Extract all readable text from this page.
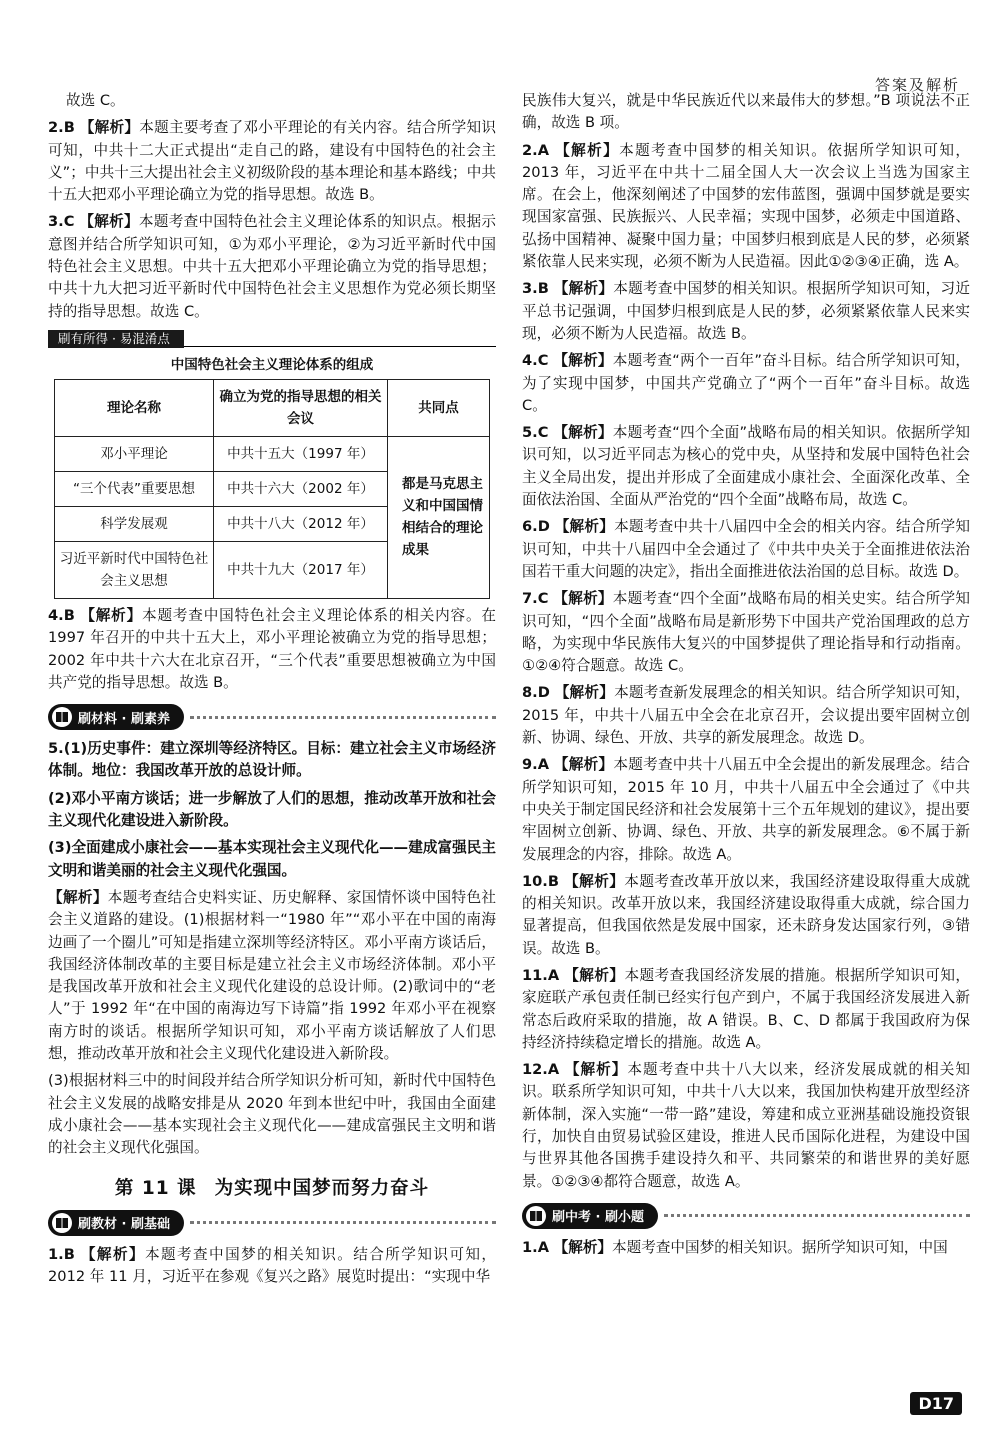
答案及解析

故选 C。

2.B 【解析】本题主要考查了邓小平理论的有关内容。结合所学知识可知，中共十二大正式提出“走自己的路，建设有中国特色的社会主义”；中共十三大提出社会主义初级阶段的基本理论和基本路线；中共十五大把邓小平理论确立为党的指导思想。故选 B。

3.C 【解析】本题考查中国特色社会主义理论体系的知识点。根据示意图并结合所学知识可知，①为邓小平理论，②为习近平新时代中国特色社会主义思想。中共十五大把邓小平理论确立为党的指导思想；中共十九大把习近平新时代中国特色社会主义思想作为党必须长期坚持的指导思想。故选 C。

刷有所得 · 易混淆点
中国特色社会主义理论体系的组成
理论名称	确立为党的指导思想的相关会议	共同点
邓小平理论	中共十五大（1997 年）	都是马克思主义和中国国情相结合的理论成果
“三个代表”重要思想	中共十六大（2002 年）	
科学发展观	中共十八大（2012 年）	
习近平新时代中国特色社会主义思想	中共十九大（2017 年）	

4.B 【解析】本题考查中国特色社会主义理论体系的相关内容。在 1997 年召开的中共十五大上，邓小平理论被确立为党的指导思想；2002 年中共十六大在北京召开，“三个代表”重要思想被确立为中国共产党的指导思想。故选 B。

刷材料 · 刷素养

5.(1)历史事件：建立深圳等经济特区。目标：建立社会主义市场经济体制。地位：我国改革开放的总设计师。

(2)邓小平南方谈话；进一步解放了人们的思想，推动改革开放和社会主义现代化建设进入新阶段。

(3)全面建成小康社会——基本实现社会主义现代化——建成富强民主文明和谐美丽的社会主义现代化强国。

【解析】本题考查结合史料实证、历史解释、家国情怀谈中国特色社会主义道路的建设。(1)根据材料一“1980 年”“邓小平在中国的南海边画了一个圈儿”可知是指建立深圳等经济特区。邓小平南方谈话后，我国经济体制改革的主要目标是建立社会主义市场经济体制。邓小平是我国改革开放和社会主义现代化建设的总设计师。(2)歌词中的“老人”于 1992 年“在中国的南海边写下诗篇”指 1992 年邓小平在视察南方时的谈话。根据所学知识可知，邓小平南方谈话解放了人们思想，推动改革开放和社会主义现代化建设进入新阶段。

(3)根据材料三中的时间段并结合所学知识分析可知，新时代中国特色社会主义发展的战略安排是从 2020 年到本世纪中叶，我国由全面建成小康社会——基本实现社会主义现代化——建成富强民主文明和谐的社会主义现代化强国。

第 11 课 为实现中国梦而努力奋斗
刷教材 · 刷基础

1.B 【解析】本题考查中国梦的相关知识。结合所学知识可知，2012 年 11 月，习近平在参观《复兴之路》展览时提出：“实现中华

民族伟大复兴，就是中华民族近代以来最伟大的梦想。”B 项说法不正确，故选 B 项。

2.A 【解析】本题考查中国梦的相关知识。依据所学知识可知，2013 年，习近平在中共十二届全国人大一次会议上当选为国家主席。在会上，他深刻阐述了中国梦的宏伟蓝图，强调中国梦就是要实现国家富强、民族振兴、人民幸福；实现中国梦，必须走中国道路、弘扬中国精神、凝聚中国力量；中国梦归根到底是人民的梦，必须紧紧依靠人民来实现，必须不断为人民造福。因此①②③④正确，选 A。

3.B 【解析】本题考查中国梦的相关知识。根据所学知识可知，习近平总书记强调，中国梦归根到底是人民的梦，必须紧紧依靠人民来实现，必须不断为人民造福。故选 B。

4.C 【解析】本题考查“两个一百年”奋斗目标。结合所学知识可知，为了实现中国梦，中国共产党确立了“两个一百年”奋斗目标。故选 C。

5.C 【解析】本题考查“四个全面”战略布局的相关知识。依据所学知识可知，以习近平同志为核心的党中央，从坚持和发展中国特色社会主义全局出发，提出并形成了全面建成小康社会、全面深化改革、全面依法治国、全面从严治党的“四个全面”战略布局，故选 C。

6.D 【解析】本题考查中共十八届四中全会的相关内容。结合所学知识可知，中共十八届四中全会通过了《中共中央关于全面推进依法治国若干重大问题的决定》，指出全面推进依法治国的总目标。故选 D。

7.C 【解析】本题考查“四个全面”战略布局的相关史实。结合所学知识可知，“四个全面”战略布局是新形势下中国共产党治国理政的总方略，为实现中华民族伟大复兴的中国梦提供了理论指导和行动指南。①②④符合题意。故选 C。

8.D 【解析】本题考查新发展理念的相关知识。结合所学知识可知，2015 年，中共十八届五中全会在北京召开，会议提出要牢固树立创新、协调、绿色、开放、共享的新发展理念。故选 D。

9.A 【解析】本题考查中共十八届五中全会提出的新发展理念。结合所学知识可知，2015 年 10 月，中共十八届五中全会通过了《中共中央关于制定国民经济和社会发展第十三个五年规划的建议》，提出要牢固树立创新、协调、绿色、开放、共享的新发展理念。⑥不属于新发展理念的内容，排除。故选 A。

10.B 【解析】本题考查改革开放以来，我国经济建设取得重大成就的相关知识。改革开放以来，我国经济建设取得重大成就，综合国力显著提高，但我国依然是发展中国家，还未跻身发达国家行列，③错误。故选 B。

11.A 【解析】本题考查我国经济发展的措施。根据所学知识可知，家庭联产承包责任制已经实行包产到户，不属于我国经济发展进入新常态后政府采取的措施，故 A 错误。B、C、D 都属于我国政府为保持经济持续稳定增长的措施。故选 A。

12.A 【解析】本题考查中共十八大以来，经济发展成就的相关知识。联系所学知识可知，中共十八大以来，我国加快构建开放型经济新体制，深入实施“一带一路”建设，筹建和成立亚洲基础设施投资银行，加快自由贸易试验区建设，推进人民币国际化进程，为建设中国与世界其他各国携手建设持久和平、共同繁荣的和谐世界的美好愿景。①②③④都符合题意，故选 A。

刷中考 · 刷小题

1.A 【解析】本题考查中国梦的相关知识。据所学知识可知，中国

D17
